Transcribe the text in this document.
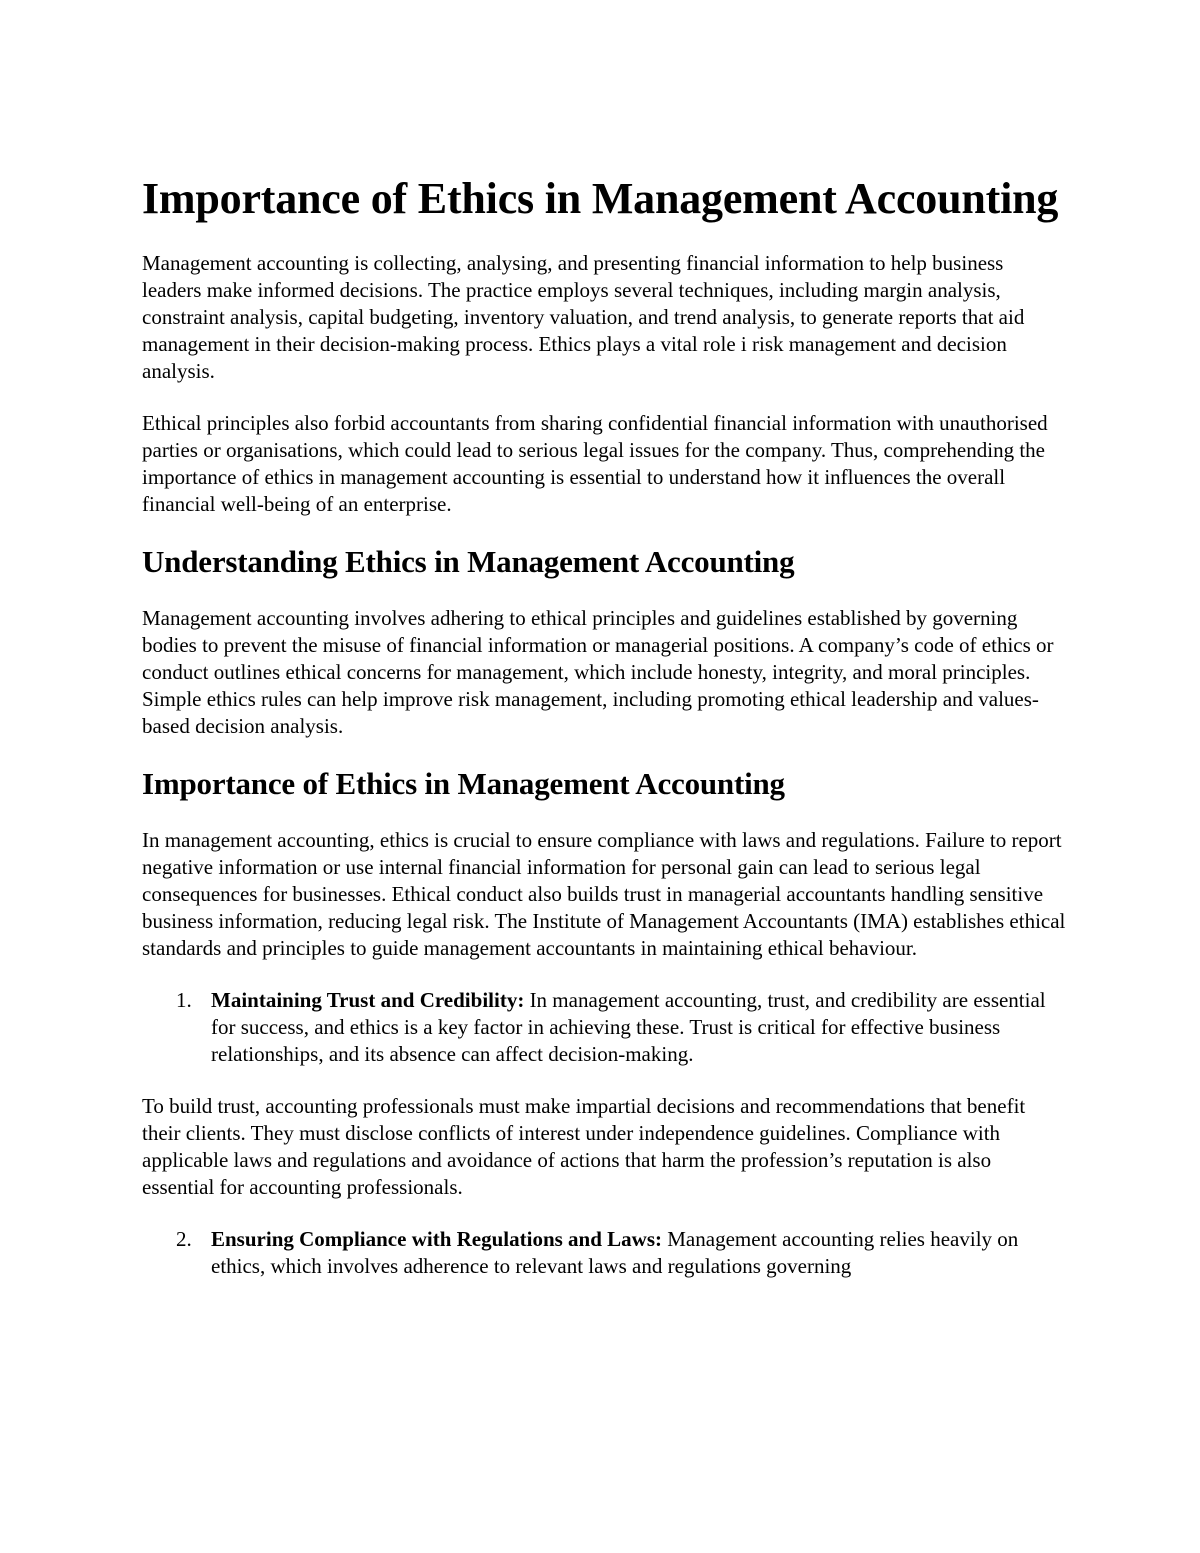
Importance of Ethics in Management Accounting

Management accounting is collecting, analysing, and presenting financial information to help business leaders make informed decisions. The practice employs several techniques, including margin analysis, constraint analysis, capital budgeting, inventory valuation, and trend analysis, to generate reports that aid management in their decision-making process. Ethics plays a vital role i risk management and decision analysis.

Ethical principles also forbid accountants from sharing confidential financial information with unauthorised parties or organisations, which could lead to serious legal issues for the company. Thus, comprehending the importance of ethics in management accounting is essential to understand how it influences the overall financial well-being of an enterprise.

Understanding Ethics in Management Accounting

Management accounting involves adhering to ethical principles and guidelines established by governing bodies to prevent the misuse of financial information or managerial positions. A company’s code of ethics or conduct outlines ethical concerns for management, which include honesty, integrity, and moral principles. Simple ethics rules can help improve risk management, including promoting ethical leadership and values-based decision analysis.

Importance of Ethics in Management Accounting

In management accounting, ethics is crucial to ensure compliance with laws and regulations. Failure to report negative information or use internal financial information for personal gain can lead to serious legal consequences for businesses. Ethical conduct also builds trust in managerial accountants handling sensitive business information, reducing legal risk. The Institute of Management Accountants (IMA) establishes ethical standards and principles to guide management accountants in maintaining ethical behaviour.

1. Maintaining Trust and Credibility: In management accounting, trust, and credibility are essential for success, and ethics is a key factor in achieving these. Trust is critical for effective business relationships, and its absence can affect decision-making.

To build trust, accounting professionals must make impartial decisions and recommendations that benefit their clients. They must disclose conflicts of interest under independence guidelines. Compliance with applicable laws and regulations and avoidance of actions that harm the profession’s reputation is also essential for accounting professionals.

2. Ensuring Compliance with Regulations and Laws: Management accounting relies heavily on ethics, which involves adherence to relevant laws and regulations governing
